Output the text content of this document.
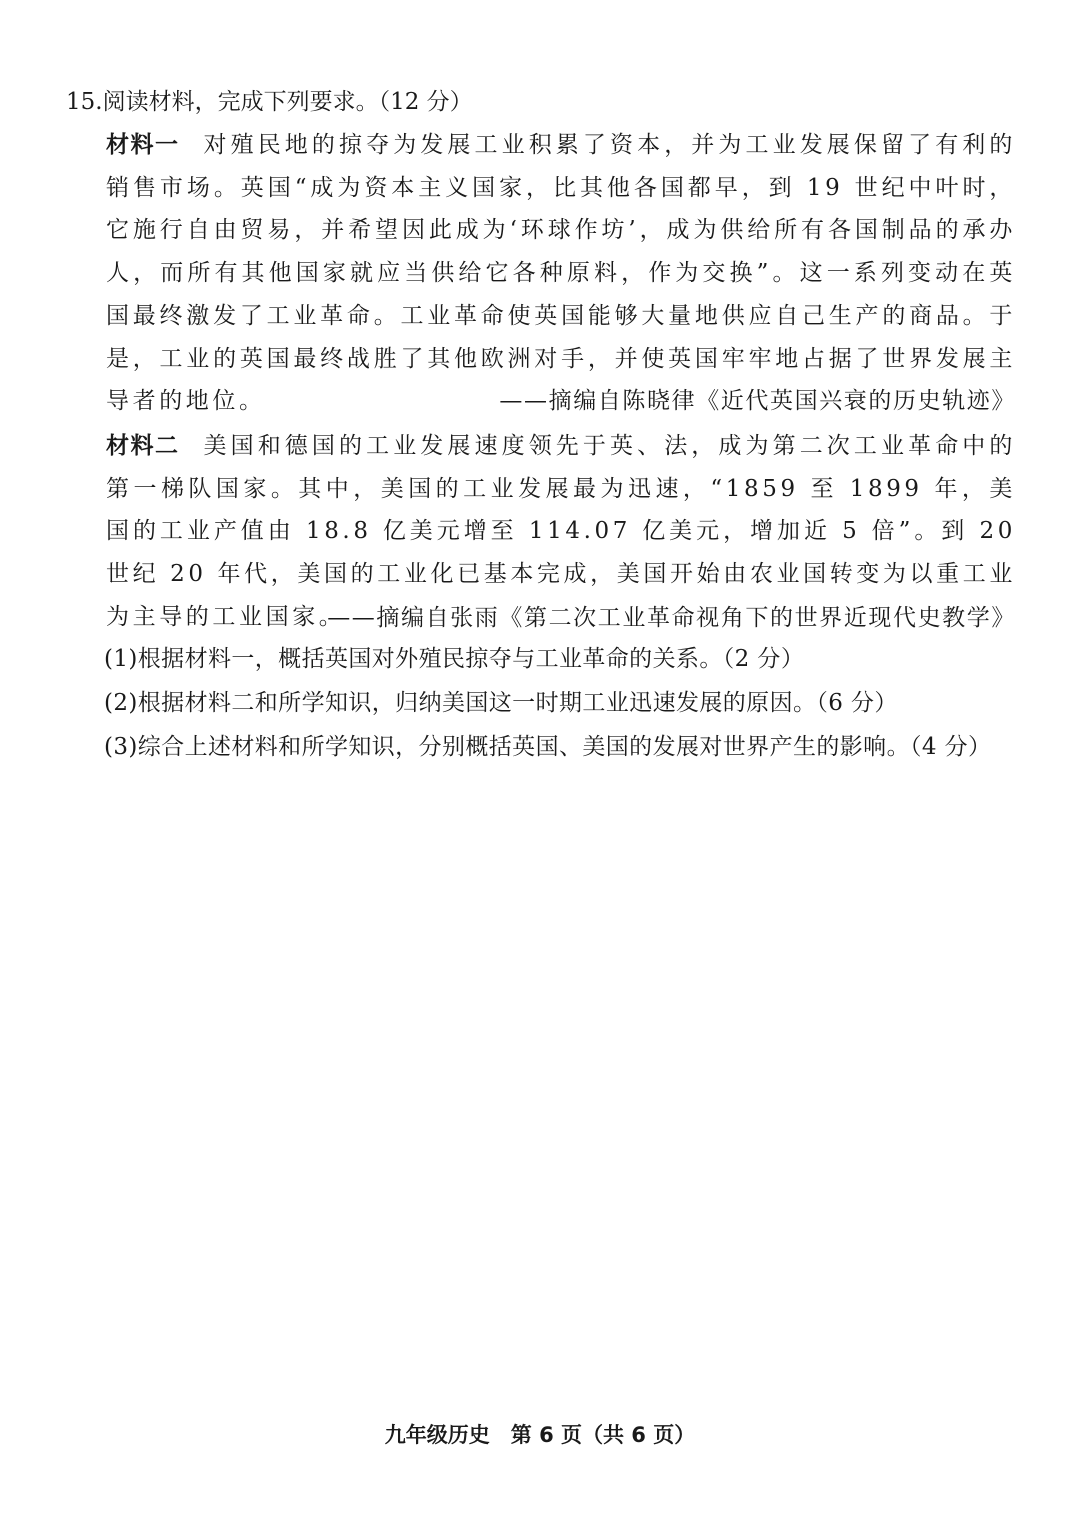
15.阅读材料，完成下列要求。（12 分）
材料一 对殖民地的掠夺为发展工业积累了资本，并为工业发展保留了有利的销售市场。英国“成为资本主义国家，比其他各国都早，到 19 世纪中叶时，它施行自由贸易，并希望因此成为‘环球作坊’，成为供给所有各国制品的承办人，而所有其他国家就应当供给它各种原料，作为交换”。这一系列变动在英国最终激发了工业革命。工业革命使英国能够大量地供应自己生产的商品。于是，工业的英国最终战胜了其他欧洲对手，并使英国牢牢地占据了世界发展主导者的地位。	——摘编自陈晓律《近代英国兴衰的历史轨迹》
材料二 美国和德国的工业发展速度领先于英、法，成为第二次工业革命中的第一梯队国家。其中，美国的工业发展最为迅速，“1859 至 1899 年，美国的工业产值由 18.8 亿美元增至 114.07 亿美元，增加近 5 倍”。到 20 世纪 20 年代，美国的工业化已基本完成，美国开始由农业国转变为以重工业为主导的工业国家。
——摘编自张雨《第二次工业革命视角下的世界近现代史教学》
(1)根据材料一，概括英国对外殖民掠夺与工业革命的关系。（2 分）
(2)根据材料二和所学知识，归纳美国这一时期工业迅速发展的原因。（6 分）
(3)综合上述材料和所学知识，分别概括英国、美国的发展对世界产生的影响。（4 分）
九年级历史　第 6 页（共 6 页）
